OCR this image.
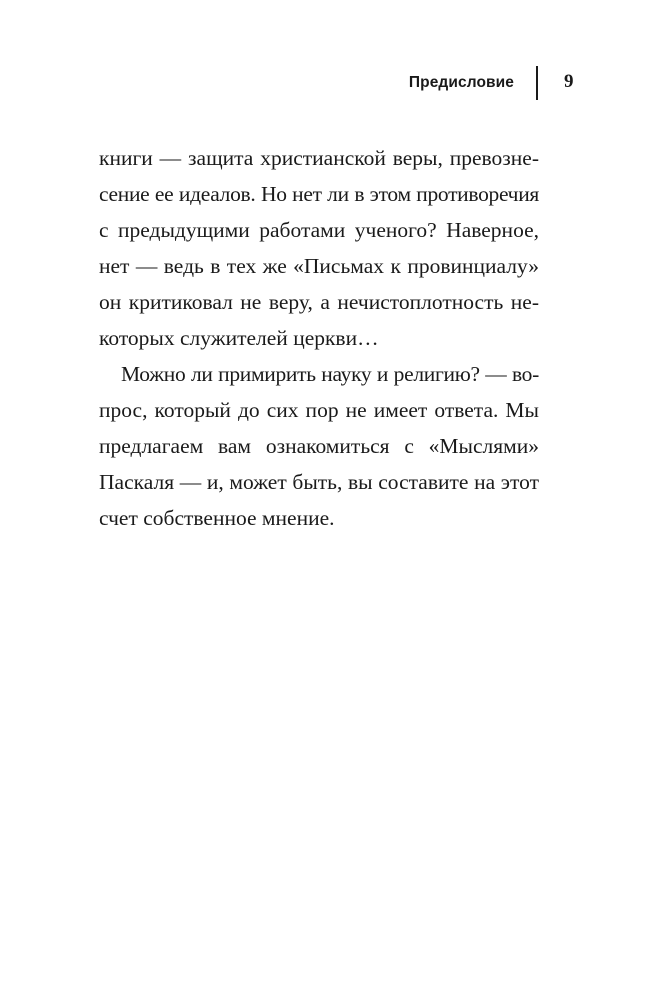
Предисловие	9
книги — защита христианской веры, превозне-
сение ее идеалов. Но нет ли в этом противоречия
с предыдущими работами ученого? Наверное,
нет — ведь в тех же «Письмах к провинциалу»
он критиковал не веру, а нечистоплотность не-
которых служителей церкви…
Можно ли примирить науку и религию? — во-
прос, который до сих пор не имеет ответа. Мы
предлагаем вам ознакомиться с «Мыслями»
Паскаля — и, может быть, вы составите на этот
счет собственное мнение.
